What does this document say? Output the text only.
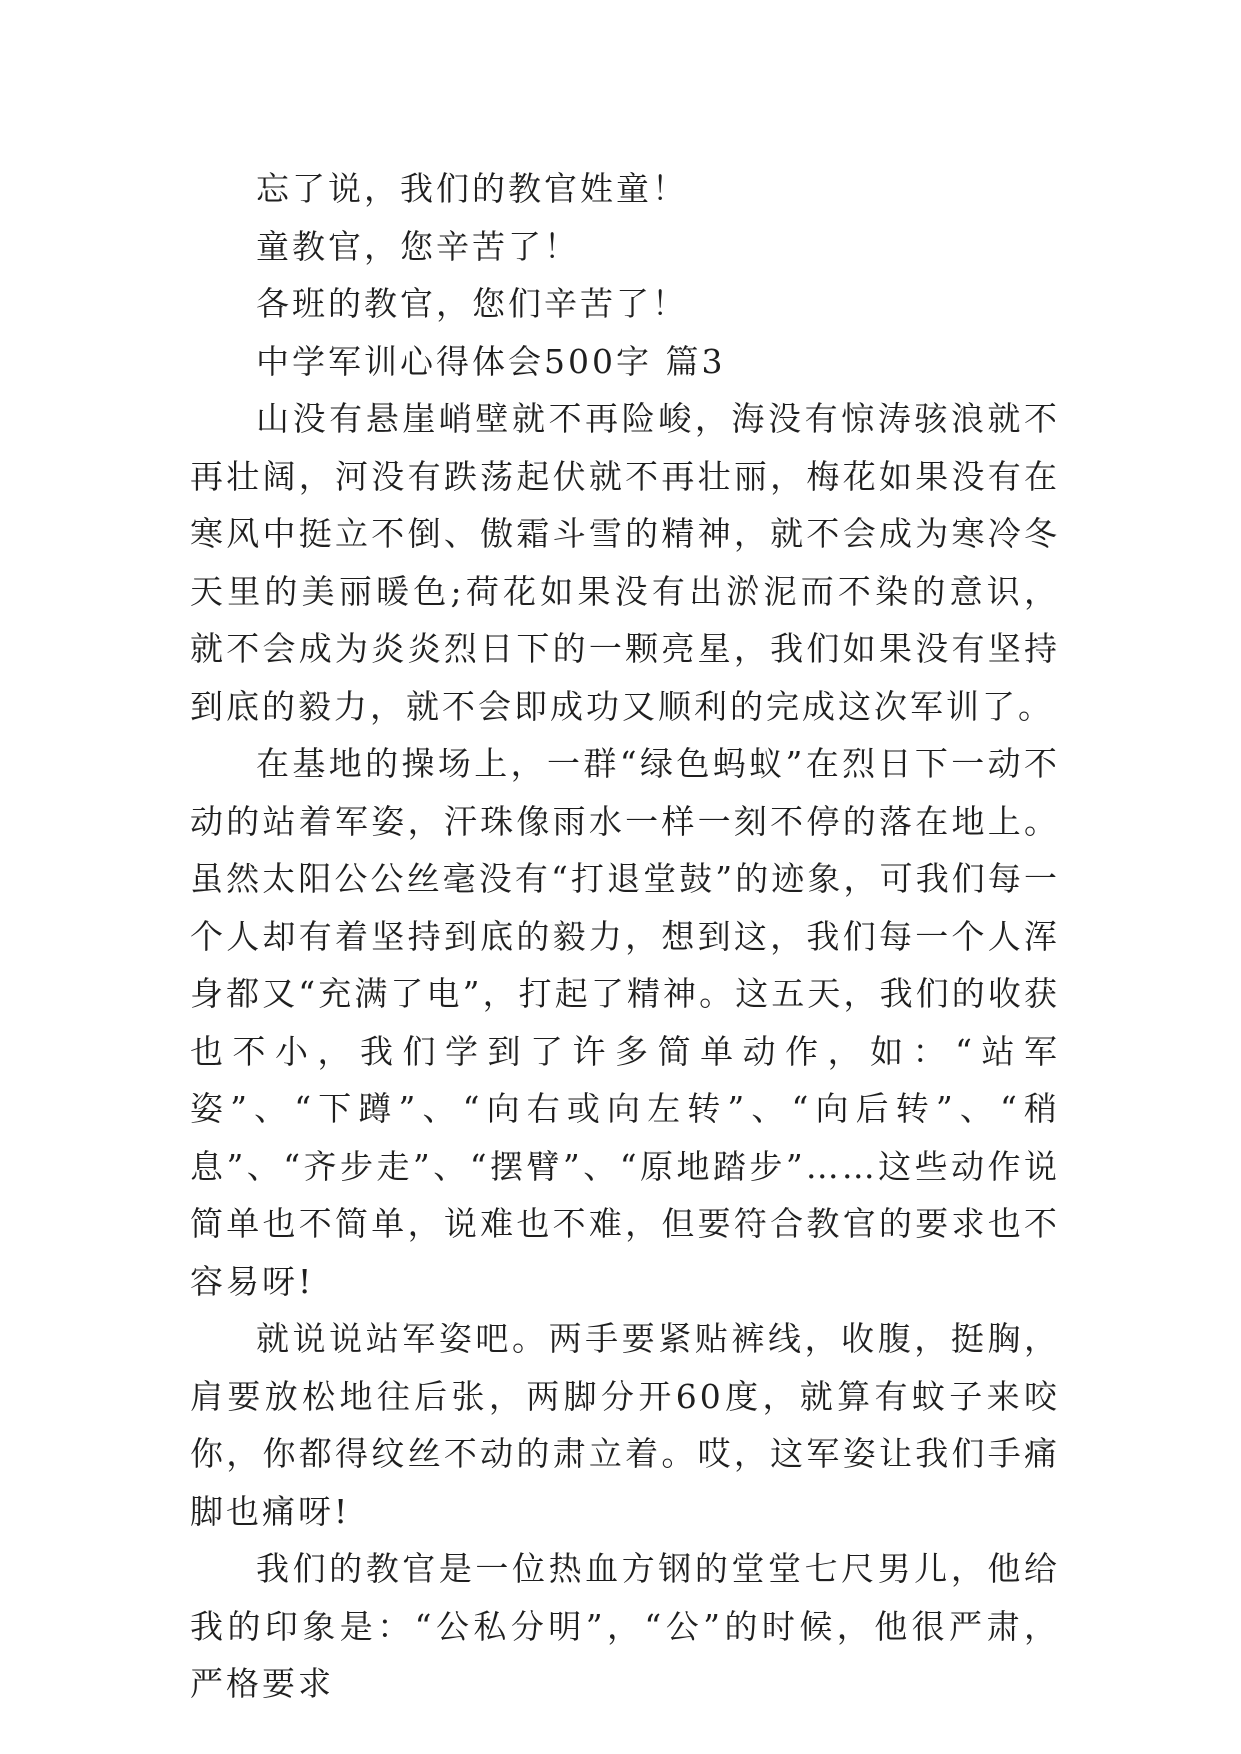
忘了说，我们的教官姓童！

童教官，您辛苦了！

各班的教官，您们辛苦了！

中学军训心得体会500字 篇3

山没有悬崖峭壁就不再险峻，海没有惊涛骇浪就不再壮阔，河没有跌荡起伏就不再壮丽，梅花如果没有在寒风中挺立不倒、傲霜斗雪的精神，就不会成为寒冷冬天里的美丽暖色;荷花如果没有出淤泥而不染的意识，就不会成为炎炎烈日下的一颗亮星，我们如果没有坚持到底的毅力，就不会即成功又顺利的完成这次军训了。

在基地的操场上，一群“绿色蚂蚁”在烈日下一动不动的站着军姿，汗珠像雨水一样一刻不停的落在地上。虽然太阳公公丝毫没有“打退堂鼓”的迹象，可我们每一个人却有着坚持到底的毅力，想到这，我们每一个人浑身都又“充满了电”，打起了精神。这五天，我们的收获也不小，我们学到了许多简单动作，如：“站军姿”、“下蹲”、“向右或向左转”、“向后转”、“稍息”、“齐步走”、“摆臂”、“原地踏步”……这些动作说简单也不简单，说难也不难，但要符合教官的要求也不容易呀!

就说说站军姿吧。两手要紧贴裤线，收腹，挺胸，肩要放松地往后张，两脚分开60度，就算有蚊子来咬你，你都得纹丝不动的肃立着。哎，这军姿让我们手痛脚也痛呀!

我们的教官是一位热血方钢的堂堂七尺男儿，他给我的印象是：“公私分明”，“公”的时候，他很严肃，严格要求
